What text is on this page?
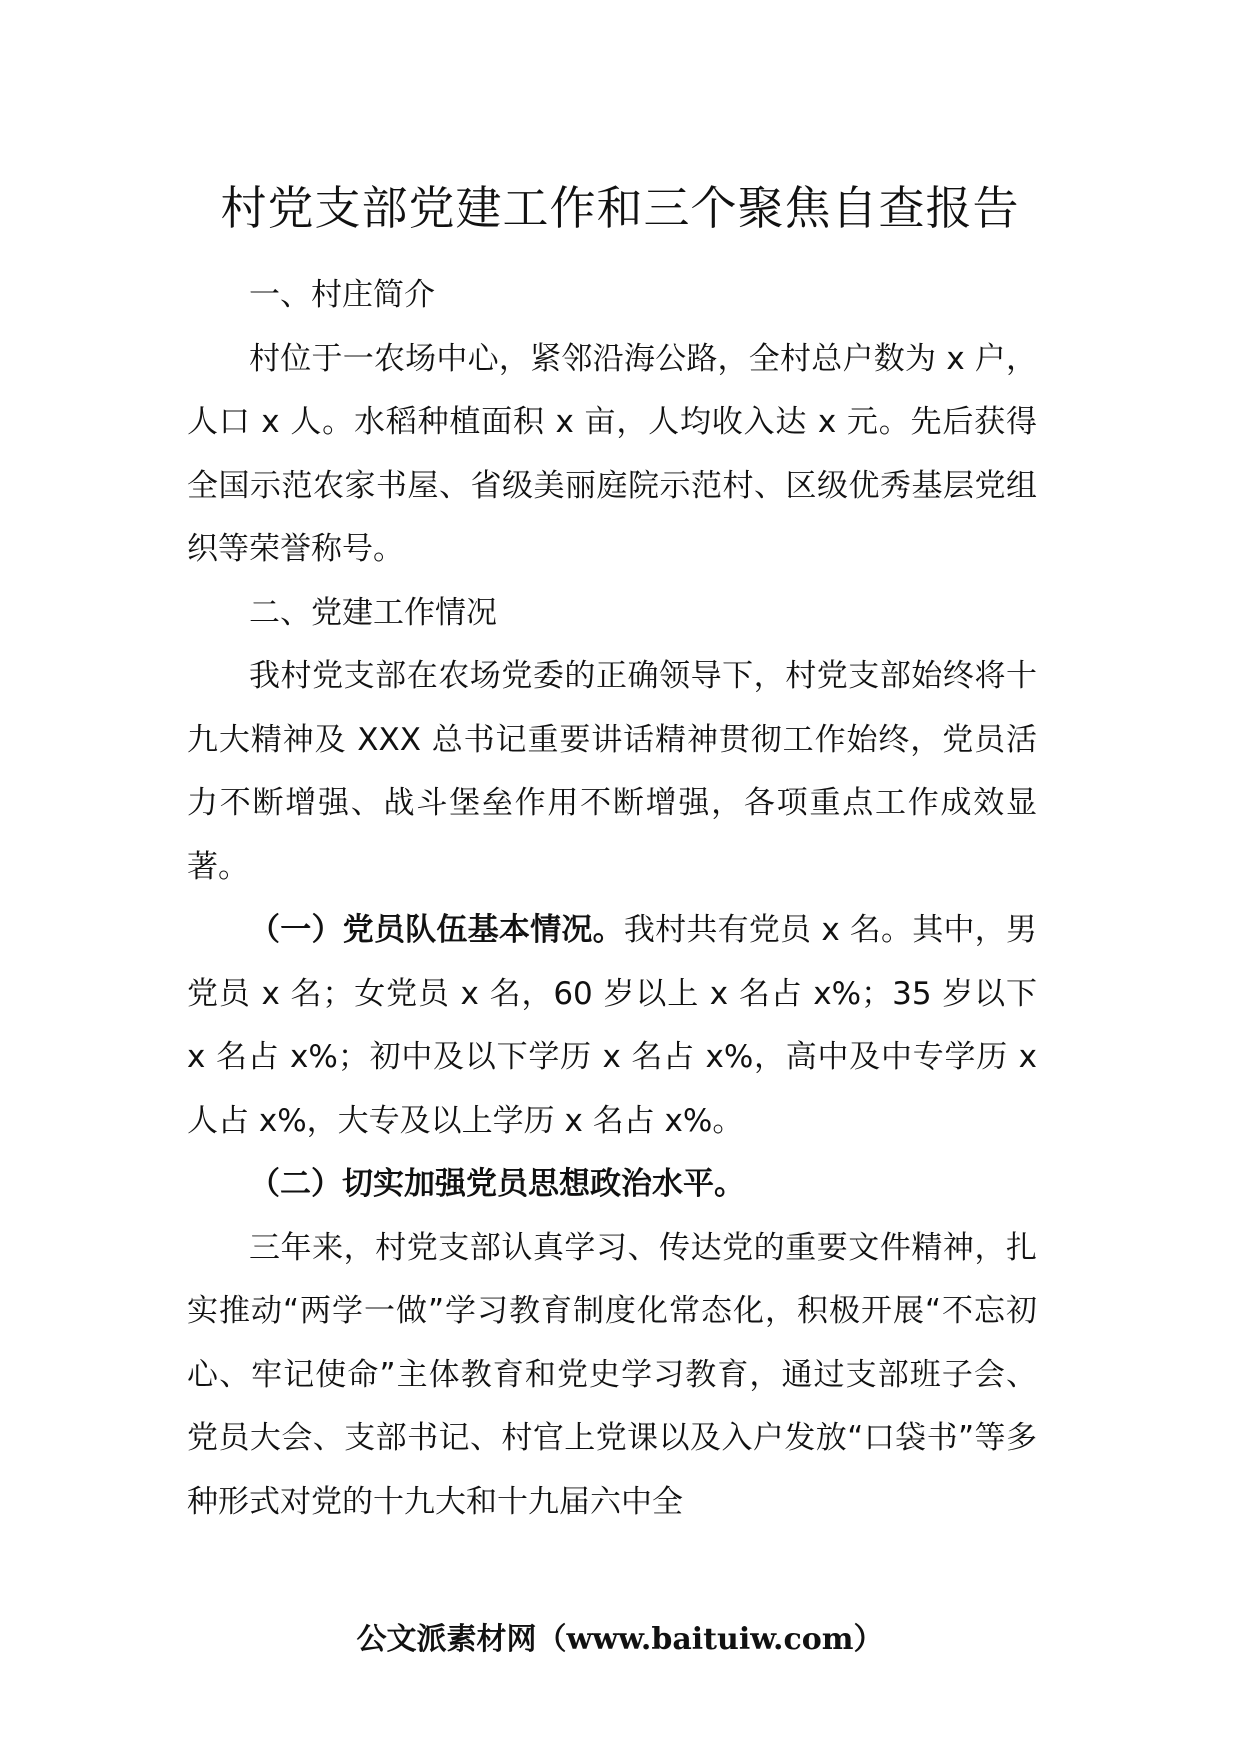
村党支部党建工作和三个聚焦自查报告

一、村庄简介

村位于一农场中心，紧邻沿海公路，全村总户数为 x 户，人口 x 人。水稻种植面积 x 亩，人均收入达 x 元。先后获得全国示范农家书屋、省级美丽庭院示范村、区级优秀基层党组织等荣誉称号。

二、党建工作情况

我村党支部在农场党委的正确领导下，村党支部始终将十九大精神及 XXX 总书记重要讲话精神贯彻工作始终，党员活力不断增强、战斗堡垒作用不断增强，各项重点工作成效显著。

（一）党员队伍基本情况。我村共有党员 x 名。其中，男党员 x 名；女党员 x 名，60 岁以上 x 名占 x%；35 岁以下 x 名占 x%；初中及以下学历 x 名占 x%，高中及中专学历 x 人占 x%，大专及以上学历 x 名占 x%。

（二）切实加强党员思想政治水平。

三年来，村党支部认真学习、传达党的重要文件精神，扎实推动“两学一做”学习教育制度化常态化，积极开展“不忘初心、牢记使命”主体教育和党史学习教育，通过支部班子会、党员大会、支部书记、村官上党课以及入户发放“口袋书”等多种形式对党的十九大和十九届六中全

公文派素材网（www.baituiw.com）
